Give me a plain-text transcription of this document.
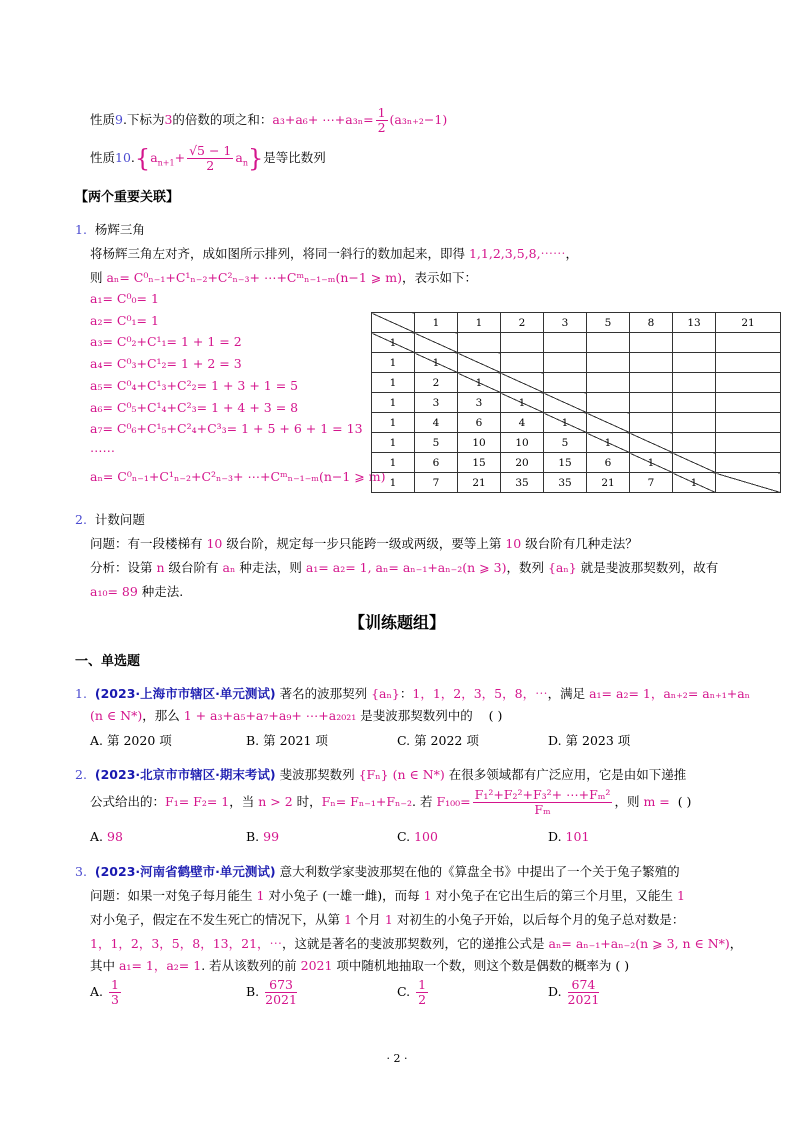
性质9.下标为3的倍数的项之和：a₃+a₆+ ⋯+a₃ₙ= $\frac{1}{2} (a_{3n+2}-1)$
性质$10.\{a_{n+1}+ \frac{√5 - 1}{2} a_n\}$是等比数列
【两个重要关联】
1. 杨辉三角
将杨辉三角左对齐，成如图所示排列，将同一斜行的数加起来，即得 1,1,2,3,5,8,⋯⋯，
则 aₙ= C⁰ₙ₋₁+C¹ₙ₋₂+C²ₙ₋₃+ ⋯+Cᵐₙ₋₁₋ₘ(n−1 ⩾ m)，表示如下：
a₁= C⁰₀= 1
a₂= C⁰₁= 1
a₃= C⁰₂+C¹₁= 1 + 1 = 2
a₄= C⁰₃+C¹₂= 1 + 2 = 3
a₅= C⁰₄+C¹₃+C²₂= 1 + 3 + 1 = 5
a₆= C⁰₅+C¹₄+C²₃= 1 + 4 + 3 = 8
a₇= C⁰₆+C¹₅+C²₄+C³₃= 1 + 5 + 6 + 1 = 13
⋯⋯
aₙ= C⁰ₙ₋₁+C¹ₙ₋₂+C²ₙ₋₃+ ⋯+Cᵐₙ₋₁₋ₘ(n−1 ⩾ m)
	1	1	2	3	5	8	13	21
1								
1	1							
1	2	1						
1	3	3	1					
1	4	6	4	1				
1	5	10	10	5	1			
1	6	15	20	15	6	1		
1	7	21	35	35	21	7	1	
2. 计数问题
问题：有一段楼梯有 10 级台阶，规定每一步只能跨一级或两级，要等上第 10 级台阶有几种走法？
分析：设第 n 级台阶有 aₙ 种走法，则 a₁= a₂= 1, aₙ= aₙ₋₁+aₙ₋₂(n ⩾ 3)，数列 {aₙ} 就是斐波那契数列，故有
a₁₀= 89 种走法.
【训练题组】
一、单选题
1. (2023·上海市市辖区·单元测试) 著名的波那契列 {aₙ}：1，1，2，3，5，8，⋯，满足 a₁= a₂= 1，aₙ₊₂= aₙ₊₁+aₙ
(n ∈ N*)，那么 1 + a₃+a₅+a₇+a₉+ ⋯+a₂₀₂₁ 是斐波那契数列中的 ( )
A. 第 2020 项	B. 第 2021 项	C. 第 2022 项	D. 第 2023 项
2. (2023·北京市市辖区·期末考试) 斐波那契数列 {Fₙ} (n ∈ N*) 在很多领域都有广泛应用，它是由如下递推
公式给出的：F₁= F₂= 1，当 n > 2 时，Fₙ= Fₙ₋₁+Fₙ₋₂. 若 $F_{100}= \frac{\text{F₁²+F₂²+F₃²+ ⋯+Fₘ²}}{\text{Fₘ}}$ ，则 m = ( )
A. 98	B. 99	C. 100	D. 101
3. (2023·河南省鹤壁市·单元测试) 意大利数学家斐波那契在他的《算盘全书》中提出了一个关于兔子繁殖的
问题：如果一对兔子每月能生 1 对小兔子 (一雄一雌)，而每 1 对小兔子在它出生后的第三个月里，又能生 1
对小兔子，假定在不发生死亡的情况下，从第 1 个月 1 对初生的小兔子开始，以后每个月的兔子总对数是：
1，1，2，3，5，8，13，21，⋯，这就是著名的斐波那契数列，它的递推公式是 aₙ= aₙ₋₁+aₙ₋₂(n ⩾ 3, n ∈ N*)，
其中 a₁= 1，a₂= 1. 若从该数列的前 2021 项中随机地抽取一个数，则这个数是偶数的概率为 ( )
A. $\frac{1}{3}$	B. $\frac{673}{2021}$	C. $\frac{1}{2}$	D. $\frac{674}{2021}$
· 2 ·
